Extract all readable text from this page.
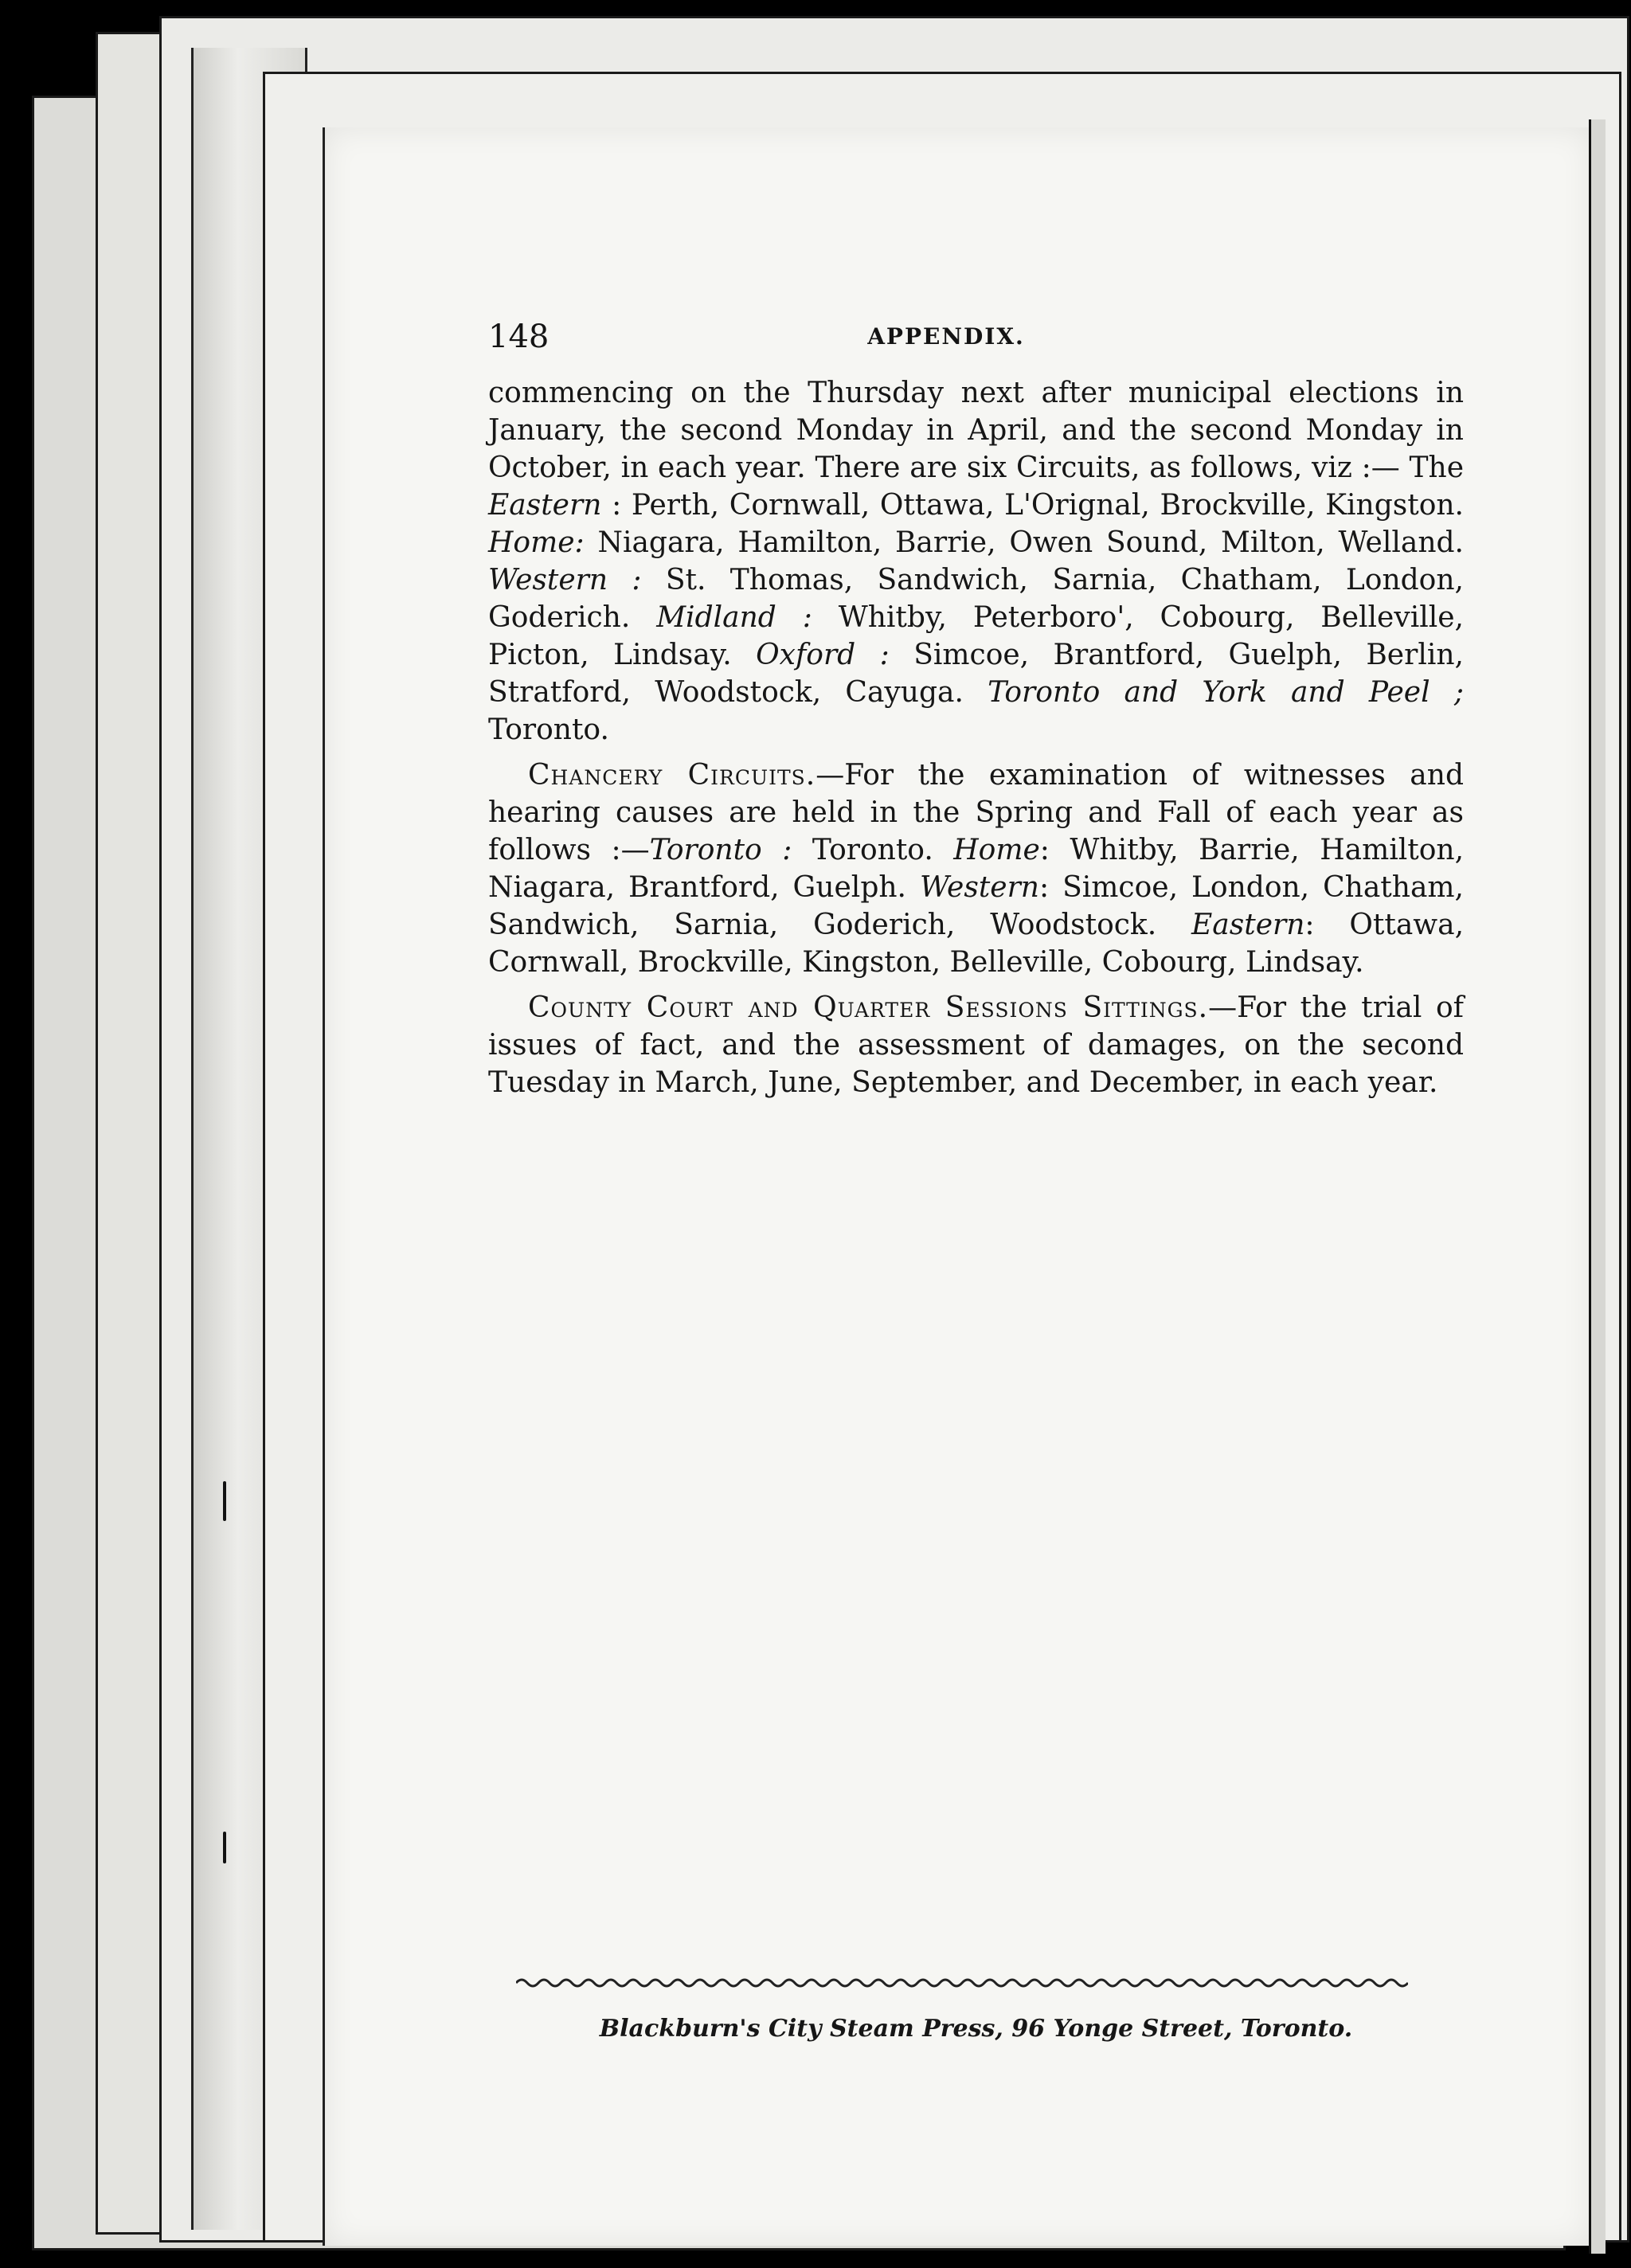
148	APPENDIX.

commencing on the Thursday next after municipal elections in January, the second Monday in April, and the second Monday in October, in each year. There are six Circuits, as follows, viz :— The Eastern : Perth, Cornwall, Ottawa, L'Orignal, Brockville, Kingston. Home: Niagara, Hamilton, Barrie, Owen Sound, Milton, Welland. Western : St. Thomas, Sandwich, Sarnia, Chatham, London, Goderich. Midland : Whitby, Peterboro', Cobourg, Belleville, Picton, Lindsay. Oxford : Simcoe, Brantford, Guelph, Berlin, Stratford, Woodstock, Cayuga. Toronto and York and Peel ; Toronto.

Chancery Circuits.—For the examination of witnesses and hearing causes are held in the Spring and Fall of each year as follows :—Toronto : Toronto. Home: Whitby, Barrie, Hamilton, Niagara, Brantford, Guelph. Western: Simcoe, London, Chatham, Sandwich, Sarnia, Goderich, Woodstock. Eastern: Ottawa, Cornwall, Brockville, Kingston, Belleville, Cobourg, Lindsay.

County Court and Quarter Sessions Sittings.—For the trial of issues of fact, and the assessment of damages, on the second Tuesday in March, June, September, and December, in each year.

Blackburn's City Steam Press, 96 Yonge Street, Toronto.
